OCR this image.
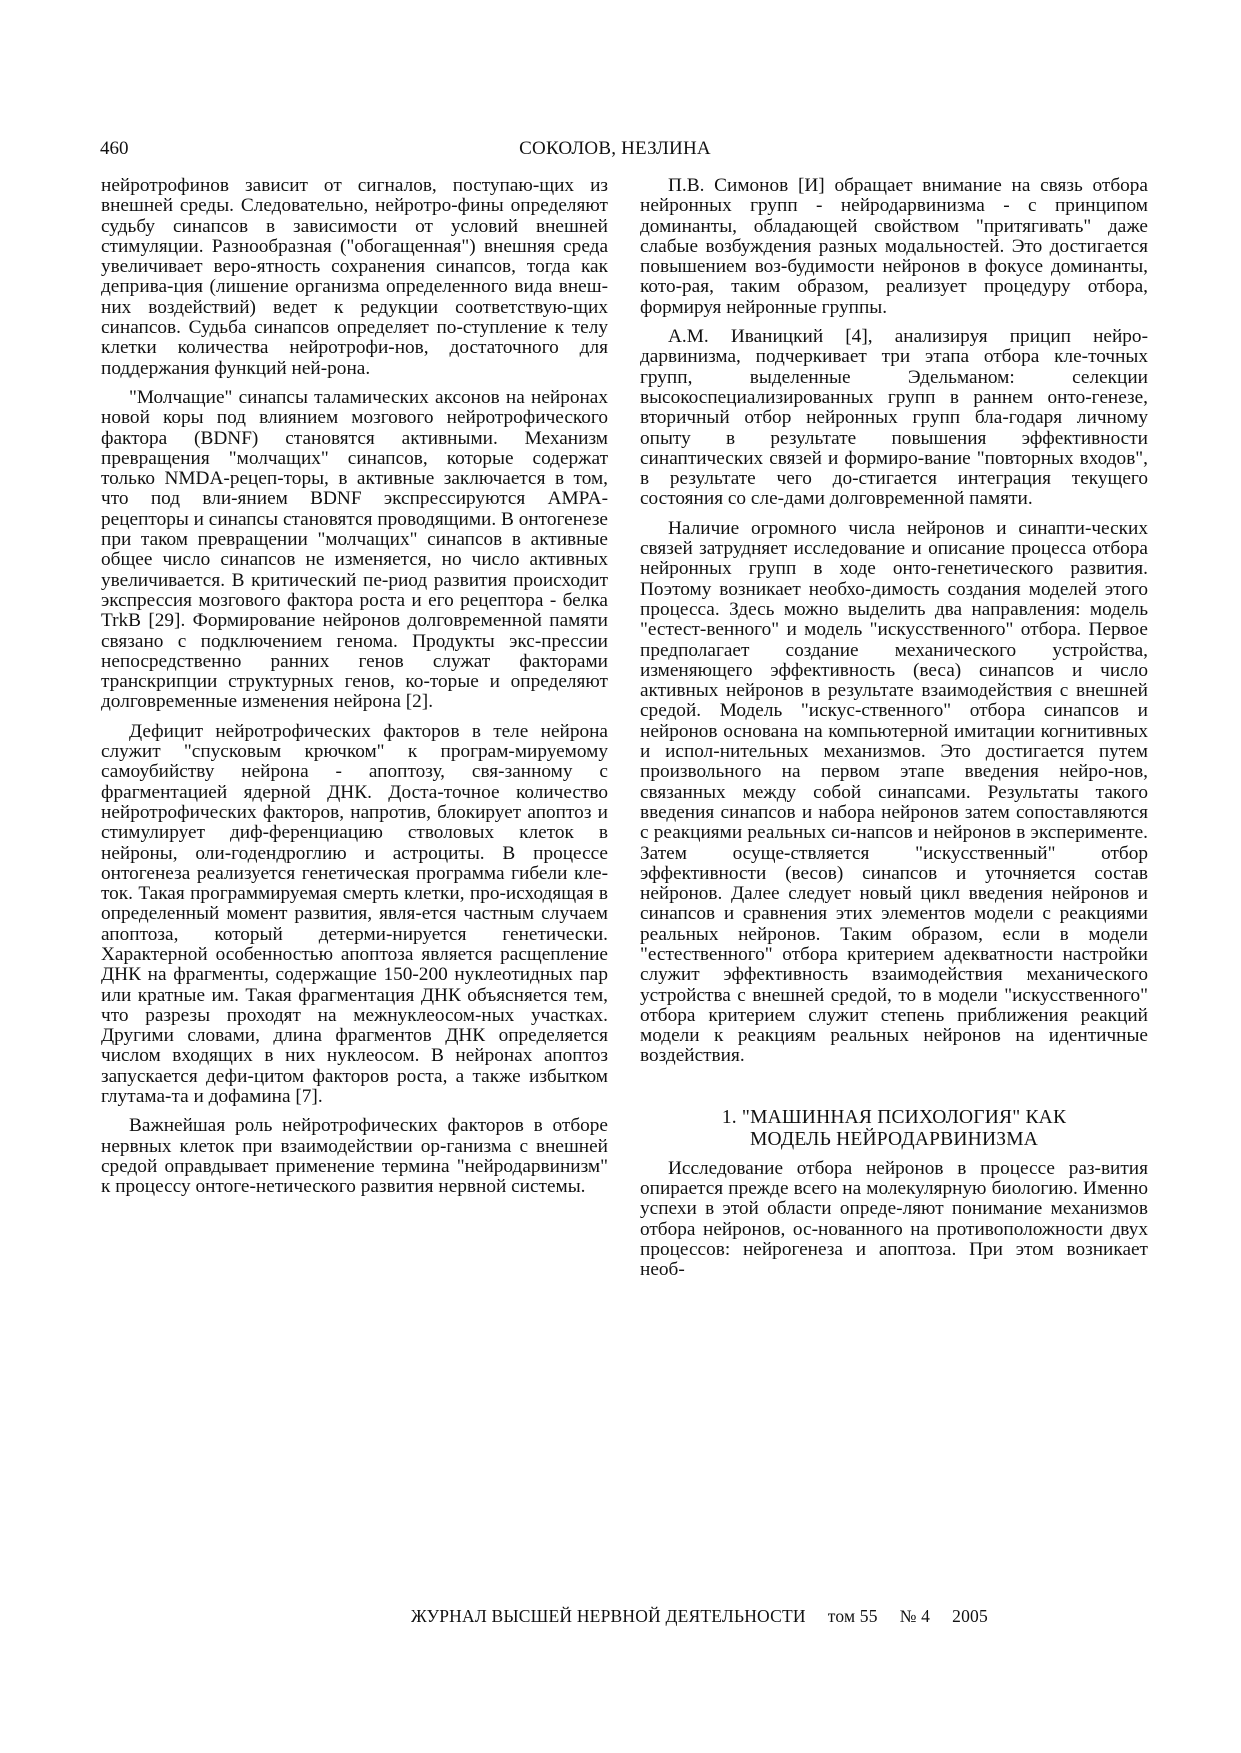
460	СОКОЛОВ, НЕЗЛИНА

нейротрофинов зависит от сигналов, поступаю-щих из внешней среды. Следовательно, нейротро-фины определяют судьбу синапсов в зависимости от условий внешней стимуляции. Разнообразная ("обогащенная") внешняя среда увеличивает веро-ятность сохранения синапсов, тогда как деприва-ция (лишение организма определенного вида внеш-них воздействий) ведет к редукции соответствую-щих синапсов. Судьба синапсов определяет по-ступление к телу клетки количества нейротрофи-нов, достаточного для поддержания функций ней-рона.

"Молчащие" синапсы таламических аксонов на нейронах новой коры под влиянием мозгового нейротрофического фактора (BDNF) становятся активными. Механизм превращения "молчащих" синапсов, которые содержат только NMDA-рецеп-торы, в активные заключается в том, что под вли-янием BDNF экспрессируются AMPA-рецепторы и синапсы становятся проводящими. В онтогенезе при таком превращении "молчащих" синапсов в активные общее число синапсов не изменяется, но число активных увеличивается. В критический пе-риод развития происходит экспрессия мозгового фактора роста и его рецептора - белка TrkB [29]. Формирование нейронов долговременной памяти связано с подключением генома. Продукты экс-прессии непосредственно ранних генов служат факторами транскрипции структурных генов, ко-торые и определяют долговременные изменения нейрона [2].

Дефицит нейротрофических факторов в теле нейрона служит "спусковым крючком" к програм-мируемому самоубийству нейрона - апоптозу, свя-занному с фрагментацией ядерной ДНК. Доста-точное количество нейротрофических факторов, напротив, блокирует апоптоз и стимулирует диф-ференциацию стволовых клеток в нейроны, оли-годендроглию и астроциты. В процессе онтогенеза реализуется генетическая программа гибели кле-ток. Такая программируемая смерть клетки, про-исходящая в определенный момент развития, явля-ется частным случаем апоптоза, который детерми-нируется генетически. Характерной особенностью апоптоза является расщепление ДНК на фрагменты, содержащие 150-200 нуклеотидных пар или кратные им. Такая фрагментация ДНК объясняется тем, что разрезы проходят на межнуклеосом-ных участках. Другими словами, длина фрагментов ДНК определяется числом входящих в них нуклеосом. В нейронах апоптоз запускается дефи-цитом факторов роста, а также избытком глутама-та и дофамина [7].

Важнейшая роль нейротрофических факторов в отборе нервных клеток при взаимодействии ор-ганизма с внешней средой оправдывает применение термина "нейродарвинизм" к процессу онтоге-нетического развития нервной системы.

П.В. Симонов [И] обращает внимание на связь отбора нейронных групп - нейродарвинизма - с принципом доминанты, обладающей свойством "притягивать" даже слабые возбуждения разных модальностей. Это достигается повышением воз-будимости нейронов в фокусе доминанты, кото-рая, таким образом, реализует процедуру отбора, формируя нейронные группы.

А.М. Иваницкий [4], анализируя прицип нейро-дарвинизма, подчеркивает три этапа отбора кле-точных групп, выделенные Эдельманом: селекции высокоспециализированных групп в раннем онто-генезе, вторичный отбор нейронных групп бла-годаря личному опыту в результате повышения эффективности синаптических связей и формиро-вание "повторных входов", в результате чего до-стигается интеграция текущего состояния со сле-дами долговременной памяти.

Наличие огромного числа нейронов и синапти-ческих связей затрудняет исследование и описание процесса отбора нейронных групп в ходе онто-генетического развития. Поэтому возникает необхо-димость создания моделей этого процесса. Здесь можно выделить два направления: модель "естест-венного" и модель "искусственного" отбора. Первое предполагает создание механического устройства, изменяющего эффективность (веса) синапсов и число активных нейронов в результате взаимодействия с внешней средой. Модель "искус-ственного" отбора синапсов и нейронов основана на компьютерной имитации когнитивных и испол-нительных механизмов. Это достигается путем произвольного на первом этапе введения нейро-нов, связанных между собой синапсами. Результаты такого введения синапсов и набора нейронов затем сопоставляются с реакциями реальных си-напсов и нейронов в эксперименте. Затем осуще-ствляется "искусственный" отбор эффективности (весов) синапсов и уточняется состав нейронов. Далее следует новый цикл введения нейронов и синапсов и сравнения этих элементов модели с реакциями реальных нейронов. Таким образом, если в модели "естественного" отбора критерием адекватности настройки служит эффективность взаимодействия механического устройства с внешней средой, то в модели "искусственного" отбора критерием служит степень приближения реакций модели к реакциям реальных нейронов на идентичные воздействия.

1. "МАШИННАЯ ПСИХОЛОГИЯ" КАК
МОДЕЛЬ НЕЙРОДАРВИНИЗМА

Исследование отбора нейронов в процессе раз-вития опирается прежде всего на молекулярную биологию. Именно успехи в этой области опреде-ляют понимание механизмов отбора нейронов, ос-нованного на противоположности двух процессов: нейрогенеза и апоптоза. При этом возникает необ-

ЖУРНАЛ ВЫСШЕЙ НЕРВНОЙ ДЕЯТЕЛЬНОСТИ том 55 № 4 2005
